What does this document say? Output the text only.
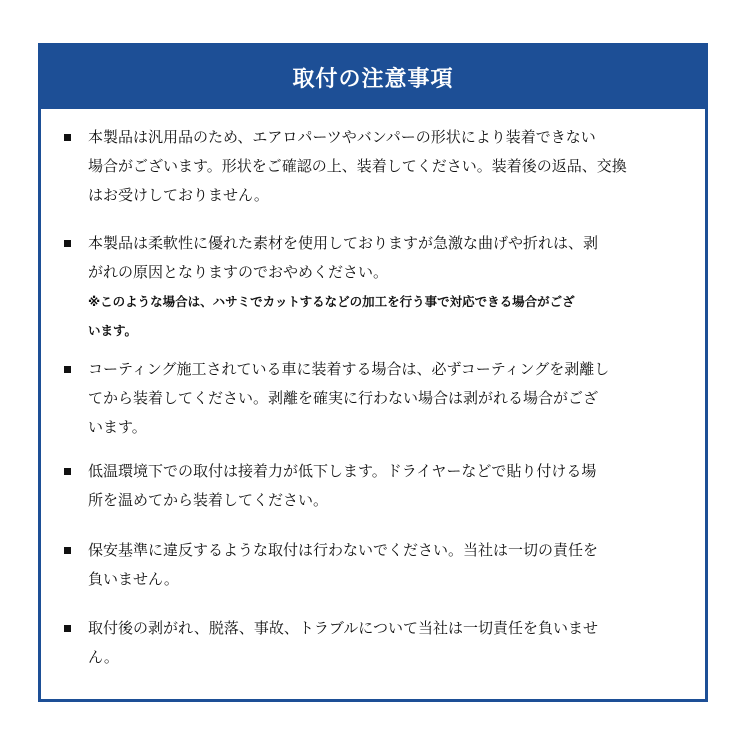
取付の注意事項
本製品は汎用品のため、エアロパーツやバンパーの形状により装着できない
場合がございます。形状をご確認の上、装着してください。装着後の返品、交換
はお受けしておりません。
本製品は柔軟性に優れた素材を使用しておりますが急激な曲げや折れは、剥
がれの原因となりますのでおやめください。
※このような場合は、ハサミでカットするなどの加工を行う事で対応できる場合がござ
います。
コーティング施工されている車に装着する場合は、必ずコーティングを剥離し
てから装着してください。剥離を確実に行わない場合は剥がれる場合がござ
います。
低温環境下での取付は接着力が低下します。ドライヤーなどで貼り付ける場
所を温めてから装着してください。
保安基準に違反するような取付は行わないでください。当社は一切の責任を
負いません。
取付後の剥がれ、脱落、事故、トラブルについて当社は一切責任を負いませ
ん。
